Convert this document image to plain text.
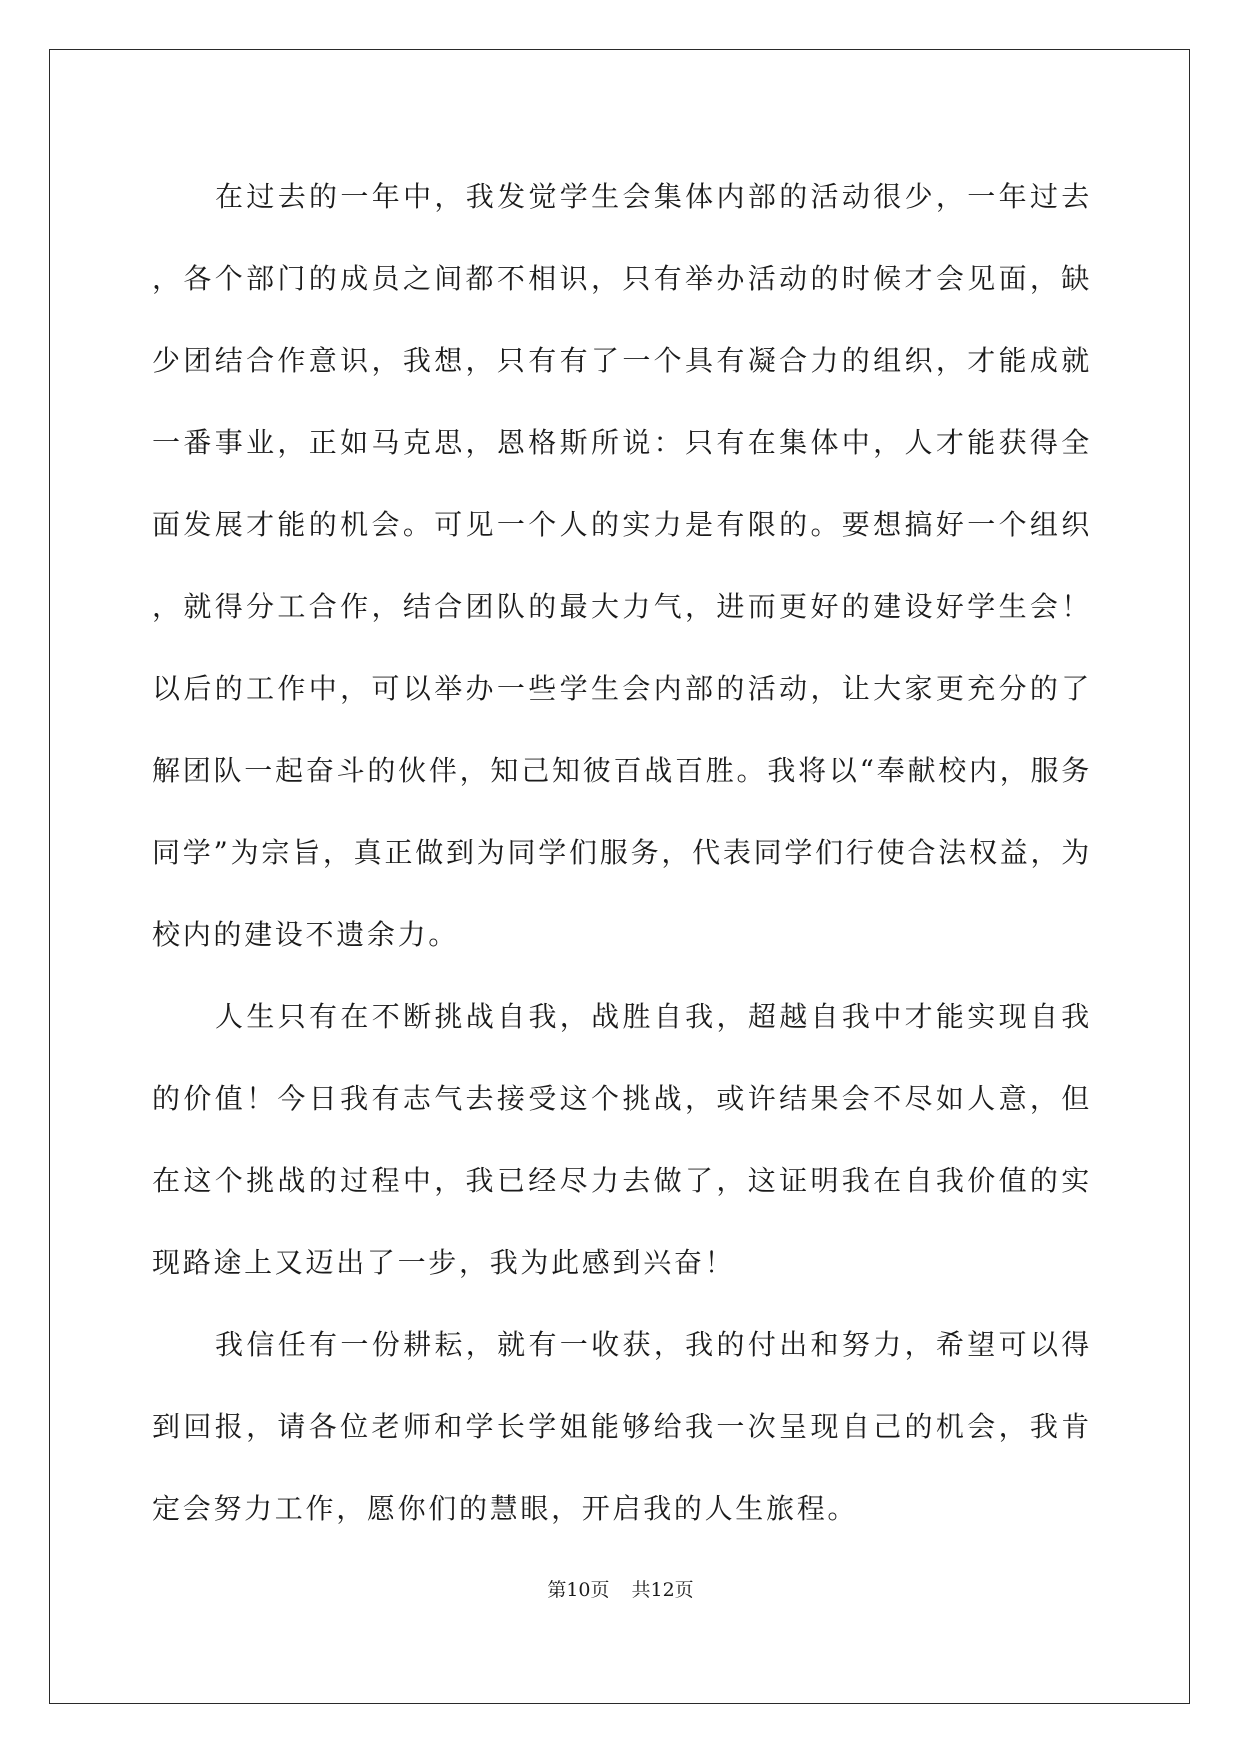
在过去的一年中，我发觉学生会集体内部的活动很少，一年过去，各个部门的成员之间都不相识，只有举办活动的时候才会见面，缺少团结合作意识，我想，只有有了一个具有凝合力的组织，才能成就一番事业，正如马克思，恩格斯所说：只有在集体中，人才能获得全面发展才能的机会。可见一个人的实力是有限的。要想搞好一个组织，就得分工合作，结合团队的最大力气，进而更好的建设好学生会！以后的工作中，可以举办一些学生会内部的活动，让大家更充分的了解团队一起奋斗的伙伴，知己知彼百战百胜。我将以“奉献校内，服务同学”为宗旨，真正做到为同学们服务，代表同学们行使合法权益，为校内的建设不遗余力。

人生只有在不断挑战自我，战胜自我，超越自我中才能实现自我的价值！今日我有志气去接受这个挑战，或许结果会不尽如人意，但在这个挑战的过程中，我已经尽力去做了，这证明我在自我价值的实现路途上又迈出了一步，我为此感到兴奋！

我信任有一份耕耘，就有一收获，我的付出和努力，希望可以得到回报，请各位老师和学长学姐能够给我一次呈现自己的机会，我肯定会努力工作，愿你们的慧眼，开启我的人生旅程。

第10页 共12页
